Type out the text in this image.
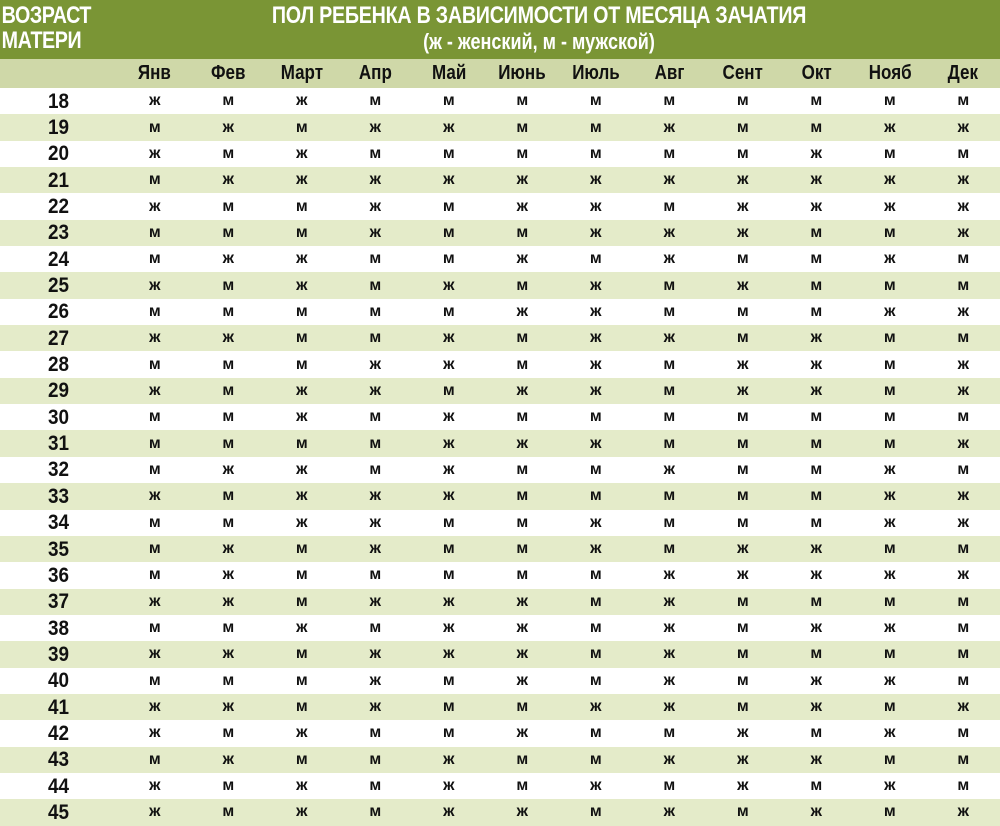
ВОЗРАСТ
МАТЕРИ
ПОЛ РЕБЕНКА В ЗАВИСИМОСТИ ОТ МЕСЯЦА ЗАЧАТИЯ
(ж - женский, м - мужской)
	Янв	Фев	Март	Апр	Май	Июнь	Июль	Авг	Сент	Окт	Нояб	Дек
18	ж	м	ж	м	м	м	м	м	м	м	м	м
19	м	ж	м	ж	ж	м	м	ж	м	м	ж	ж
20	ж	м	ж	м	м	м	м	м	м	ж	м	м
21	м	ж	ж	ж	ж	ж	ж	ж	ж	ж	ж	ж
22	ж	м	м	ж	м	ж	ж	м	ж	ж	ж	ж
23	м	м	м	ж	м	м	ж	ж	ж	м	м	ж
24	м	ж	ж	м	м	ж	м	ж	м	м	ж	м
25	ж	м	ж	м	ж	м	ж	м	ж	м	м	м
26	м	м	м	м	м	ж	ж	м	м	м	ж	ж
27	ж	ж	м	м	ж	м	ж	ж	м	ж	м	м
28	м	м	м	ж	ж	м	ж	м	ж	ж	м	ж
29	ж	м	ж	ж	м	ж	ж	м	ж	ж	м	ж
30	м	м	ж	м	ж	м	м	м	м	м	м	м
31	м	м	м	м	ж	ж	ж	м	м	м	м	ж
32	м	ж	ж	м	ж	м	м	ж	м	м	ж	м
33	ж	м	ж	ж	ж	м	м	м	м	м	ж	ж
34	м	м	ж	ж	м	м	ж	м	м	м	ж	ж
35	м	ж	м	ж	м	м	ж	м	ж	ж	м	м
36	м	ж	м	м	м	м	м	ж	ж	ж	ж	ж
37	ж	ж	м	ж	ж	ж	м	ж	м	м	м	м
38	м	м	ж	м	ж	ж	м	ж	м	ж	ж	м
39	ж	ж	м	ж	ж	ж	м	ж	м	м	м	м
40	м	м	м	ж	м	ж	м	ж	м	ж	ж	м
41	ж	ж	м	ж	м	м	ж	ж	м	ж	м	ж
42	ж	м	ж	м	м	ж	м	м	ж	м	ж	м
43	м	ж	м	м	ж	м	м	ж	ж	ж	м	м
44	ж	м	ж	м	ж	м	ж	м	ж	м	ж	м
45	ж	м	ж	м	ж	ж	м	ж	м	ж	м	ж
